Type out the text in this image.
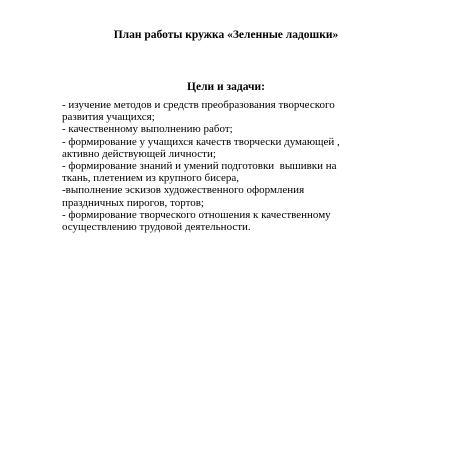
План работы кружка «Зеленные ладошки»
Цели и задачи:
- изучение методов и средств преобразования творческого
развития учащихся;
- качественному выполнению работ;
- формирование у учащихся качеств творчески думающей ,
активно действующей личности;
- формирование знаний и умений подготовки  вышивки на
ткань, плетением из крупного бисера,
-выполнение эскизов художественного оформления
праздничных пирогов, тортов;
- формирование творческого отношения к качественному
осуществлению трудовой деятельности.
